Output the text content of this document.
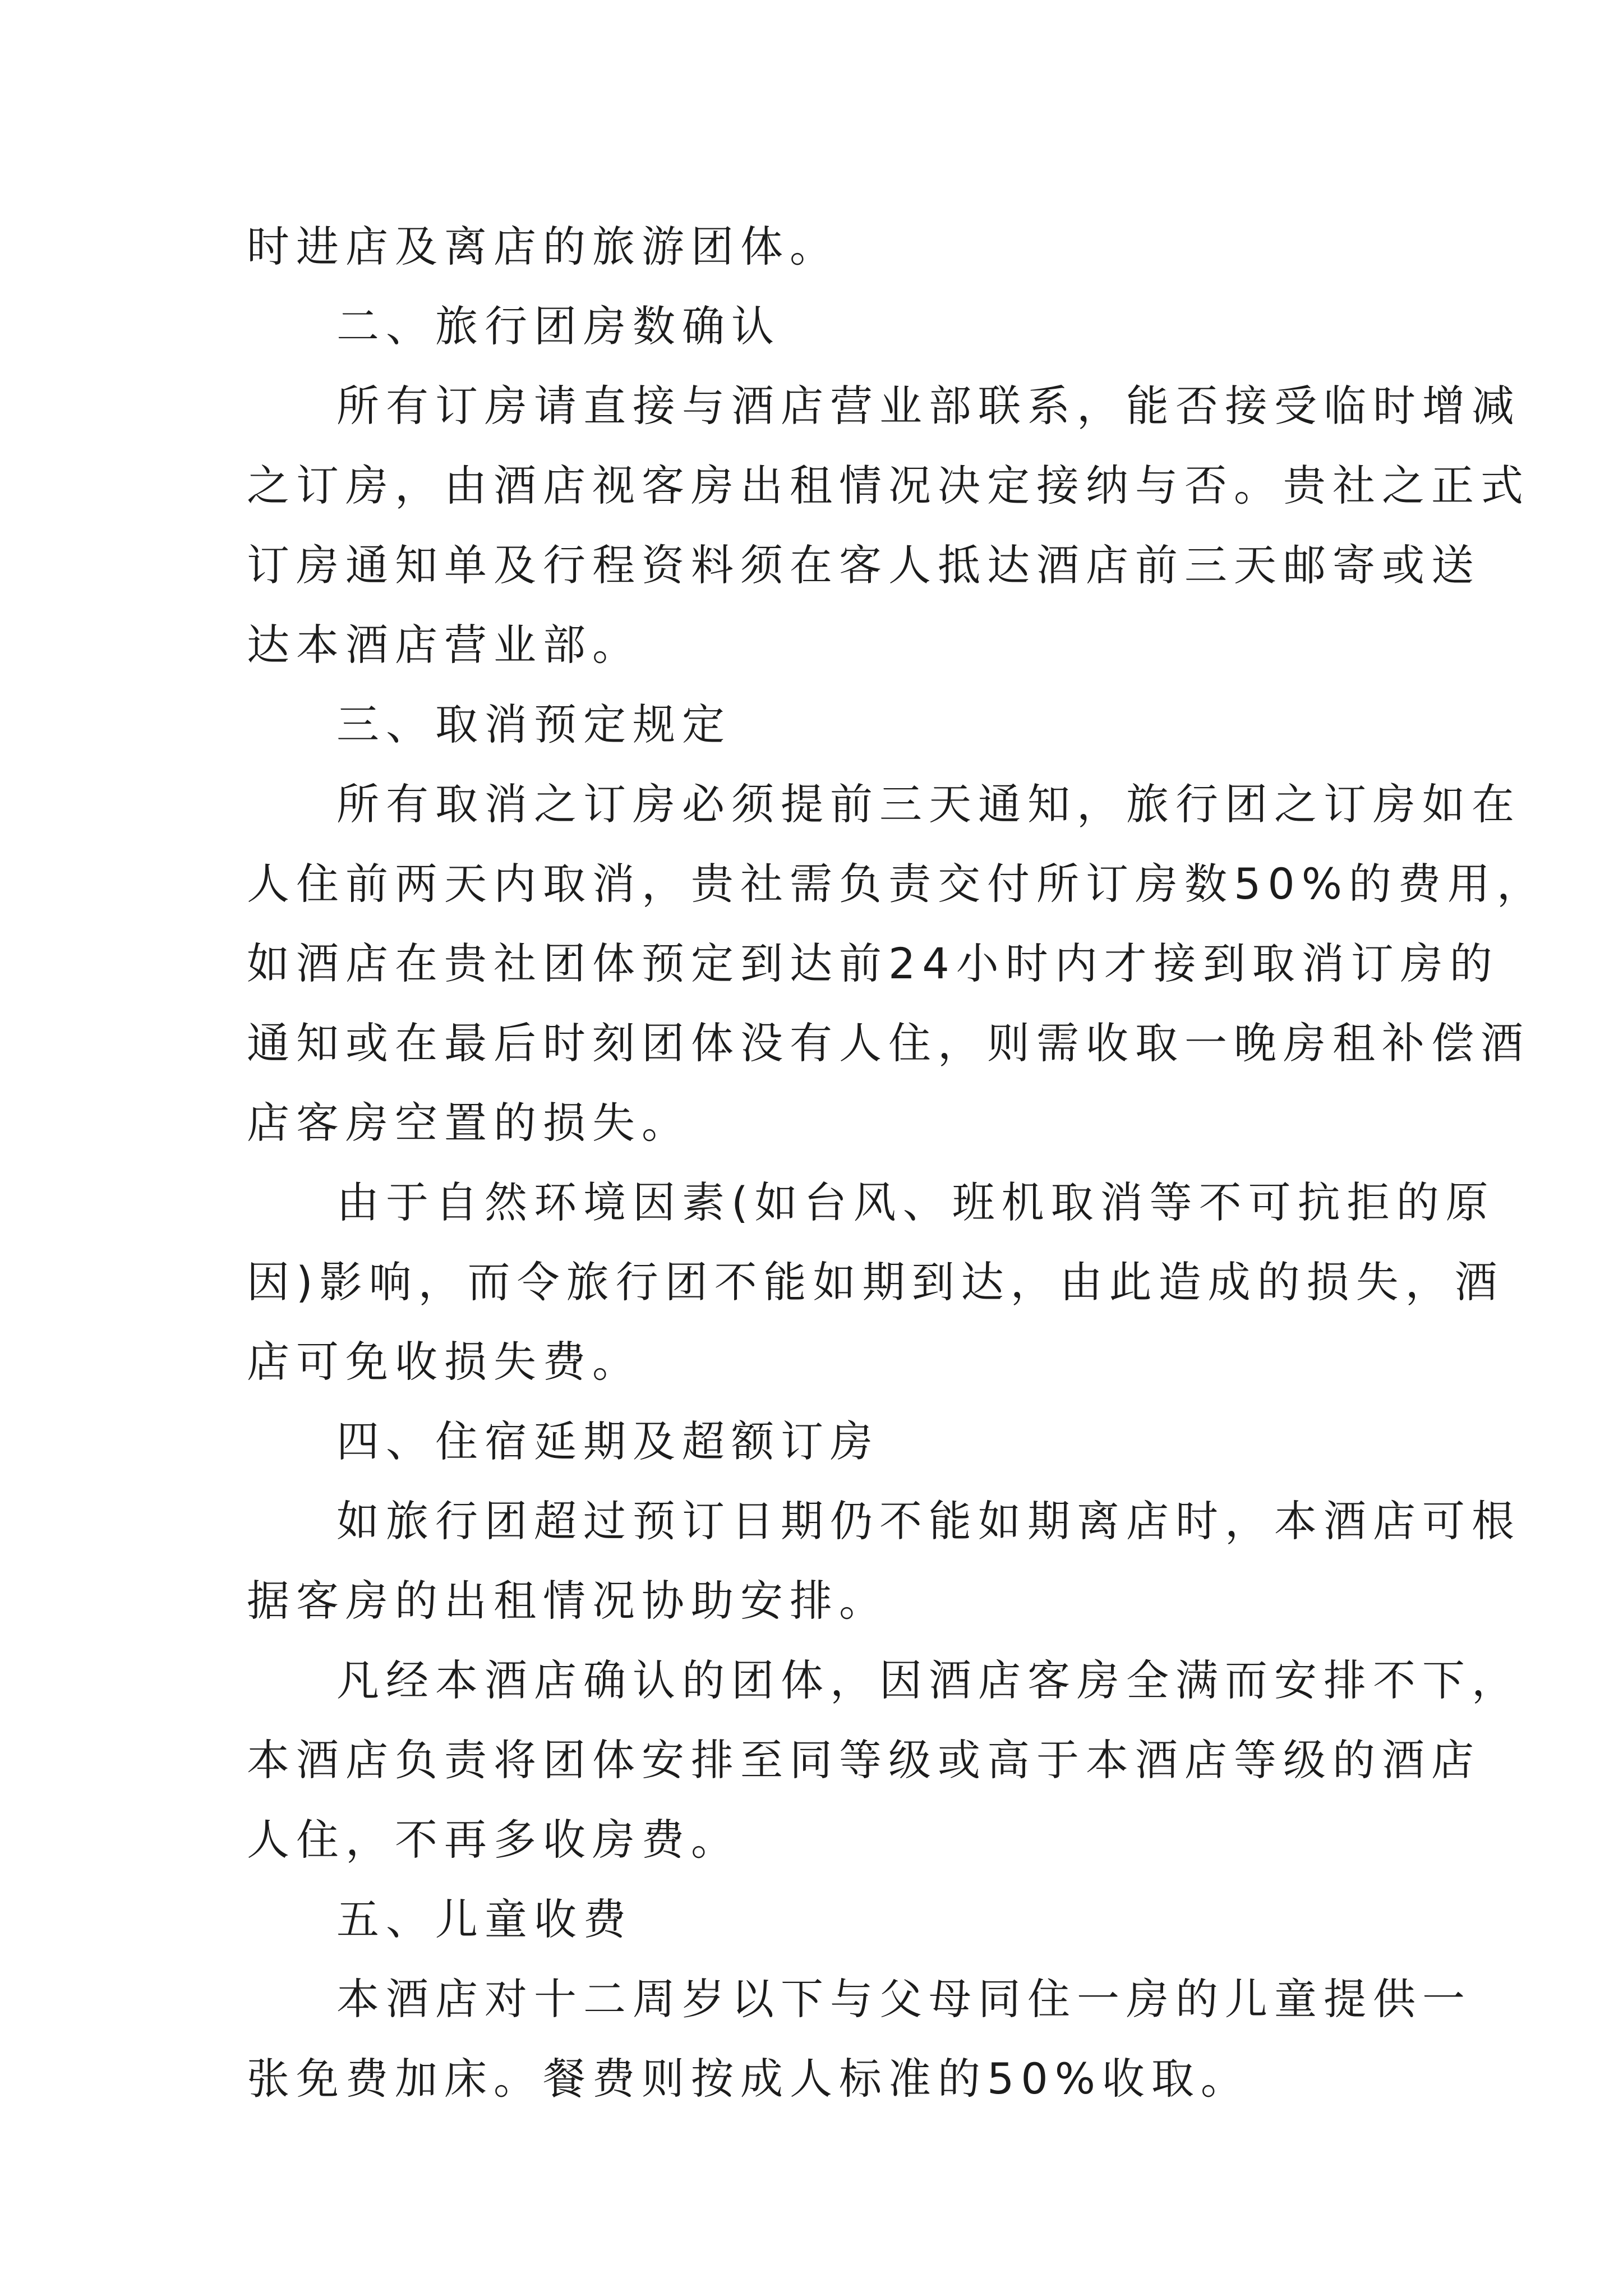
时进店及离店的旅游团体。
二、旅行团房数确认
所有订房请直接与酒店营业部联系，能否接受临时增减
之订房，由酒店视客房出租情况决定接纳与否。贵社之正式
订房通知单及行程资料须在客人抵达酒店前三天邮寄或送
达本酒店营业部。
三、取消预定规定
所有取消之订房必须提前三天通知，旅行团之订房如在
人住前两天内取消，贵社需负责交付所订房数50%的费用，
如酒店在贵社团体预定到达前24小时内才接到取消订房的
通知或在最后时刻团体没有人住，则需收取一晚房租补偿酒
店客房空置的损失。
由于自然环境因素(如台风、班机取消等不可抗拒的原
因)影响，而令旅行团不能如期到达，由此造成的损失，酒
店可免收损失费。
四、住宿延期及超额订房
如旅行团超过预订日期仍不能如期离店时，本酒店可根
据客房的出租情况协助安排。
凡经本酒店确认的团体，因酒店客房全满而安排不下，
本酒店负责将团体安排至同等级或高于本酒店等级的酒店
人住，不再多收房费。
五、儿童收费
本酒店对十二周岁以下与父母同住一房的儿童提供一
张免费加床。餐费则按成人标准的50%收取。
